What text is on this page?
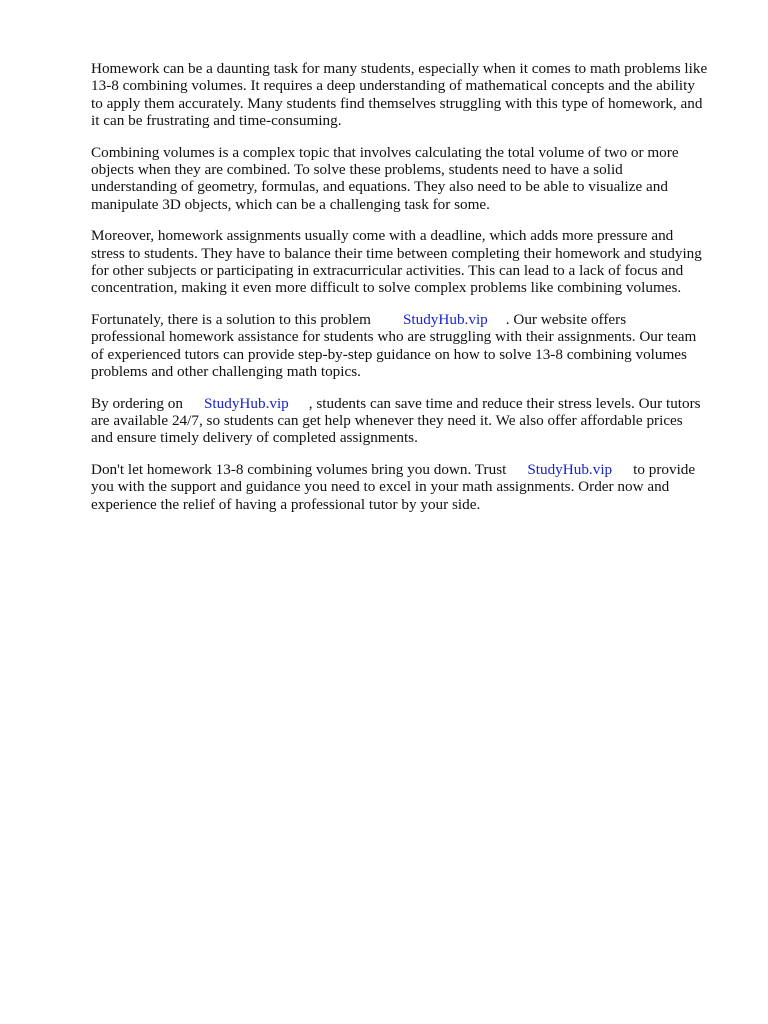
Homework can be a daunting task for many students, especially when it comes to math problems like
13-8 combining volumes. It requires a deep understanding of mathematical concepts and the ability
to apply them accurately. Many students find themselves struggling with this type of homework, and
it can be frustrating and time-consuming.

Combining volumes is a complex topic that involves calculating the total volume of two or more
objects when they are combined. To solve these problems, students need to have a solid
understanding of geometry, formulas, and equations. They also need to be able to visualize and
manipulate 3D objects, which can be a challenging task for some.

Moreover, homework assignments usually come with a deadline, which adds more pressure and
stress to students. They have to balance their time between completing their homework and studying
for other subjects or participating in extracurricular activities. This can lead to a lack of focus and
concentration, making it even more difficult to solve complex problems like combining volumes.

Fortunately, there is a solution to this problem StudyHub.vip . Our website offers
professional homework assistance for students who are struggling with their assignments. Our team
of experienced tutors can provide step-by-step guidance on how to solve 13-8 combining volumes
problems and other challenging math topics.

By ordering on StudyHub.vip , students can save time and reduce their stress levels. Our tutors
are available 24/7, so students can get help whenever they need it. We also offer affordable prices
and ensure timely delivery of completed assignments.

Don't let homework 13-8 combining volumes bring you down. Trust StudyHub.vip to provide
you with the support and guidance you need to excel in your math assignments. Order now and
experience the relief of having a professional tutor by your side.
